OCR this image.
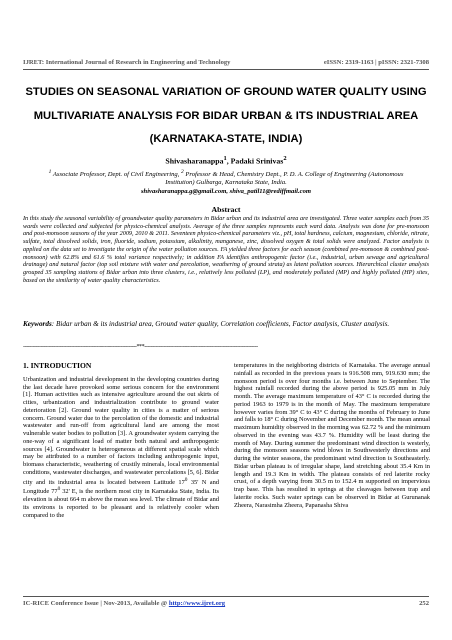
IJRET: International Journal of Research in Engineering and Technology	eISSN: 2319-1163 | pISSN: 2321-7308
STUDIES ON SEASONAL VARIATION OF GROUND WATER QUALITY USING MULTIVARIATE ANALYSIS FOR BIDAR URBAN & ITS INDUSTRIAL AREA (KARNATAKA-STATE, INDIA)
Shivasharanappa$^1$, Padaki Srinivas$^2$
$^1$ Associate Professor, Dept. of Civil Engineering, $^2$ Professor & Head, Chemistry Dept., P. D. A. College of Engineering (Autonomous Institution) Gulbarga, Karnataka State, India.
shivasharanappa.g@gmail.com, shiva_patil11@rediffmail.com
Abstract
In this study the seasonal variability of groundwater quality parameters in Bidar urban and its industrial area are investigated. Three water samples each from 35 wards were collected and subjected for physico-chemical analysis. Average of the three samples represents each ward data. Analysis was done for pre-monsoon and post-monsoon seasons of the year 2009, 2010 & 2011. Seventeen physico-chemical parameters viz., pH, total hardness, calcium, magnesium, chloride, nitrate, sulfate, total dissolved solids, iron, fluoride, sodium, potassium, alkalinity, manganese, zinc, dissolved oxygen & total solids were analyzed. Factor analysis is applied on the data set to investigate the origin of the water pollution sources. FA yielded three factors for each season (combined pre-monsoon & combined post-monsoon) with 62.8% and 61.6 % total variance respectively; in addition FA identifies anthropogenic factor (i.e., industrial, urban sewage and agricultural drainage) and natural factor (top soil mixture with water and percolation, weathering of ground strata) as latent pollution sources. Hierarchical cluster analysis grouped 35 sampling stations of Bidar urban into three clusters, i.e., relatively less polluted (LP), and moderately polluted (MP) and highly polluted (HP) sites, based on the similarity of water quality characteristics.
Keywords: Bidar urban & its industrial area, Ground water quality, Correlation coefficients, Factor analysis, Cluster analysis.
-----------------------------------------------------------------------***-----------------------------------------------------------------------
1. INTRODUCTION

Urbanization and industrial development in the developing countries during the last decade have provoked some serious concern for the environment [1]. Human activities such as intensive agriculture around the out skirts of cities, urbanization and industrialization contribute to ground water deterioration [2]. Ground water quality in cities is a matter of serious concern. Ground water due to the percolation of the domestic and industrial wastewater and run-off from agricultural land are among the most vulnerable water bodies to pollution [3]. A groundwater system carrying the one-way of a significant load of matter both natural and anthropogenic sources [4]. Groundwater is heterogeneous at different spatial scale which may be attributed to a number of factors including anthropogenic input, biomass characteristic, weathering of crustily minerals, local environmental conditions, wastewater discharges, and wastewater percolations [5, 6]. Bidar city and its industrial area is located between Latitude $17^0$ 35' N and Longitude $77^0$ 32' E, is the northern most city in Karnataka State, India. Its elevation is about 664 m above the mean sea level. The climate of Bidar and its environs is reported to be pleasant and is relatively cooler when compared to the

temperatures in the neighboring districts of Karnataka. The average annual rainfall as recorded in the previous years is 916.508 mm, 919.630 mm; the monsoon period is over four months i.e. between June to September. The highest rainfall recorded during the above period is 925.05 mm in July month. The average maximum temperature of 43° C is recorded during the period 1963 to 1979 is in the month of May. The maximum temperature however varies from 39° C to 43° C during the months of February to June and falls to 18° C during November and December month. The mean annual maximum humidity observed in the morning was 62.72 % and the minimum observed in the evening was 43.7 %. Humidity will be least during the month of May. During summer the predominant wind direction is westerly, during the monsoon seasons wind blows in Southwesterly directions and during the winter seasons, the predominant wind direction is Southeasterly. Bidar urban plateau is of irregular shape, land stretching about 35.4 Km in length and 19.3 Km in width. The plateau consists of red laterite rocky crust, of a depth varying from 30.5 m to 152.4 m supported on impervious trap base. This has resulted in springs at the cleavages between trap and laterite rocks. Such water springs can be observed in Bidar at Gurunanak Zheera, Narasimha Zheera, Papanasha Shiva

IC-RICE Conference Issue | Nov-2013, Available @ http://www.ijret.org	252
